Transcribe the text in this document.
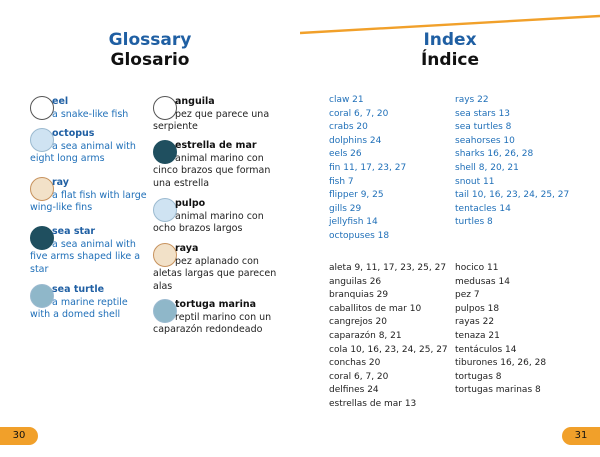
Glossary
Glosario
eel
a snake-like fish
octopus
a sea animal with eight long arms
ray
a flat fish with large wing-like fins
sea star
a sea animal with five arms shaped like a star
sea turtle
a marine reptile with a domed shell
anguila
pez que parece una serpiente
estrella de mar
animal marino con cinco brazos que forman una estrella
pulpo
animal marino con ocho brazos largos
raya
pez aplanado con aletas largas que parecen alas
tortuga marina
reptil marino con un caparazón redondeado
30
Index
Índice
31
claw 21
coral 6, 7, 20
crabs 20
dolphins 24
eels 26
fin 11, 17, 23, 27
fish 7
flipper 9, 25
gills 29
jellyfish 14
octopuses 18
rays 22
sea stars 13
sea turtles 8
seahorses 10
sharks 16, 26, 28
shell 8, 20, 21
snout 11
tail 10, 16, 23, 24, 25, 27
tentacles 14
turtles 8
aleta 9, 11, 17, 23, 25, 27
anguilas 26
branquias 29
caballitos de mar 10
cangrejos 20
caparazón 8, 21
cola 10, 16, 23, 24, 25, 27
conchas 20
coral 6, 7, 20
delfines 24
estrellas de mar 13
hocico 11
medusas 14
pez 7
pulpos 18
rayas 22
tenaza 21
tentáculos 14
tiburones 16, 26, 28
tortugas 8
tortugas marinas 8
